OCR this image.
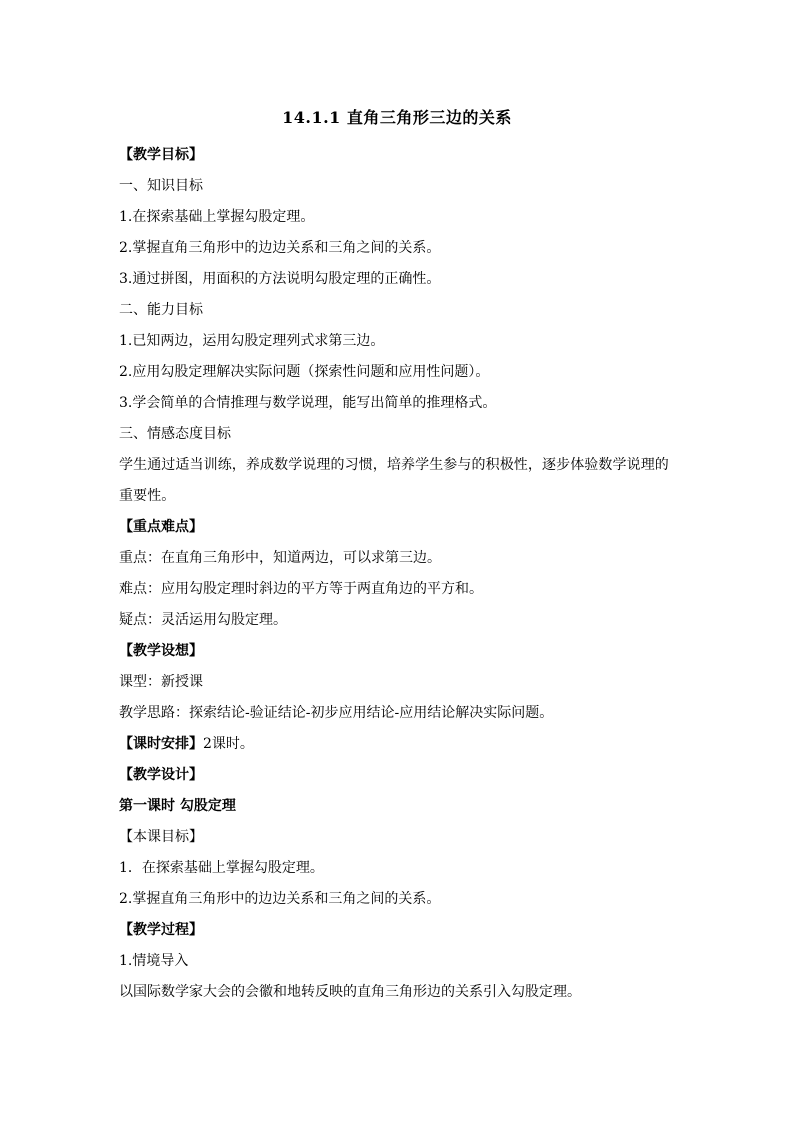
14.1.1 直角三角形三边的关系
【教学目标】
一、知识目标
1.在探索基础上掌握勾股定理。
2.掌握直角三角形中的边边关系和三角之间的关系。
3.通过拼图，用面积的方法说明勾股定理的正确性。
二、能力目标
1.已知两边，运用勾股定理列式求第三边。
2.应用勾股定理解决实际问题（探索性问题和应用性问题）。
3.学会简单的合情推理与数学说理，能写出简单的推理格式。
三、情感态度目标
学生通过适当训练，养成数学说理的习惯，培养学生参与的积极性，逐步体验数学说理的重要性。
【重点难点】
重点：在直角三角形中，知道两边，可以求第三边。
难点：应用勾股定理时斜边的平方等于两直角边的平方和。
疑点：灵活运用勾股定理。
【教学设想】
课型：新授课
教学思路：探索结论-验证结论-初步应用结论-应用结论解决实际问题。
【课时安排】2课时。
【教学设计】
第一课时 勾股定理
【本课目标】
1．在探索基础上掌握勾股定理。
2.掌握直角三角形中的边边关系和三角之间的关系。
【教学过程】
1.情境导入
以国际数学家大会的会徽和地转反映的直角三角形边的关系引入勾股定理。
